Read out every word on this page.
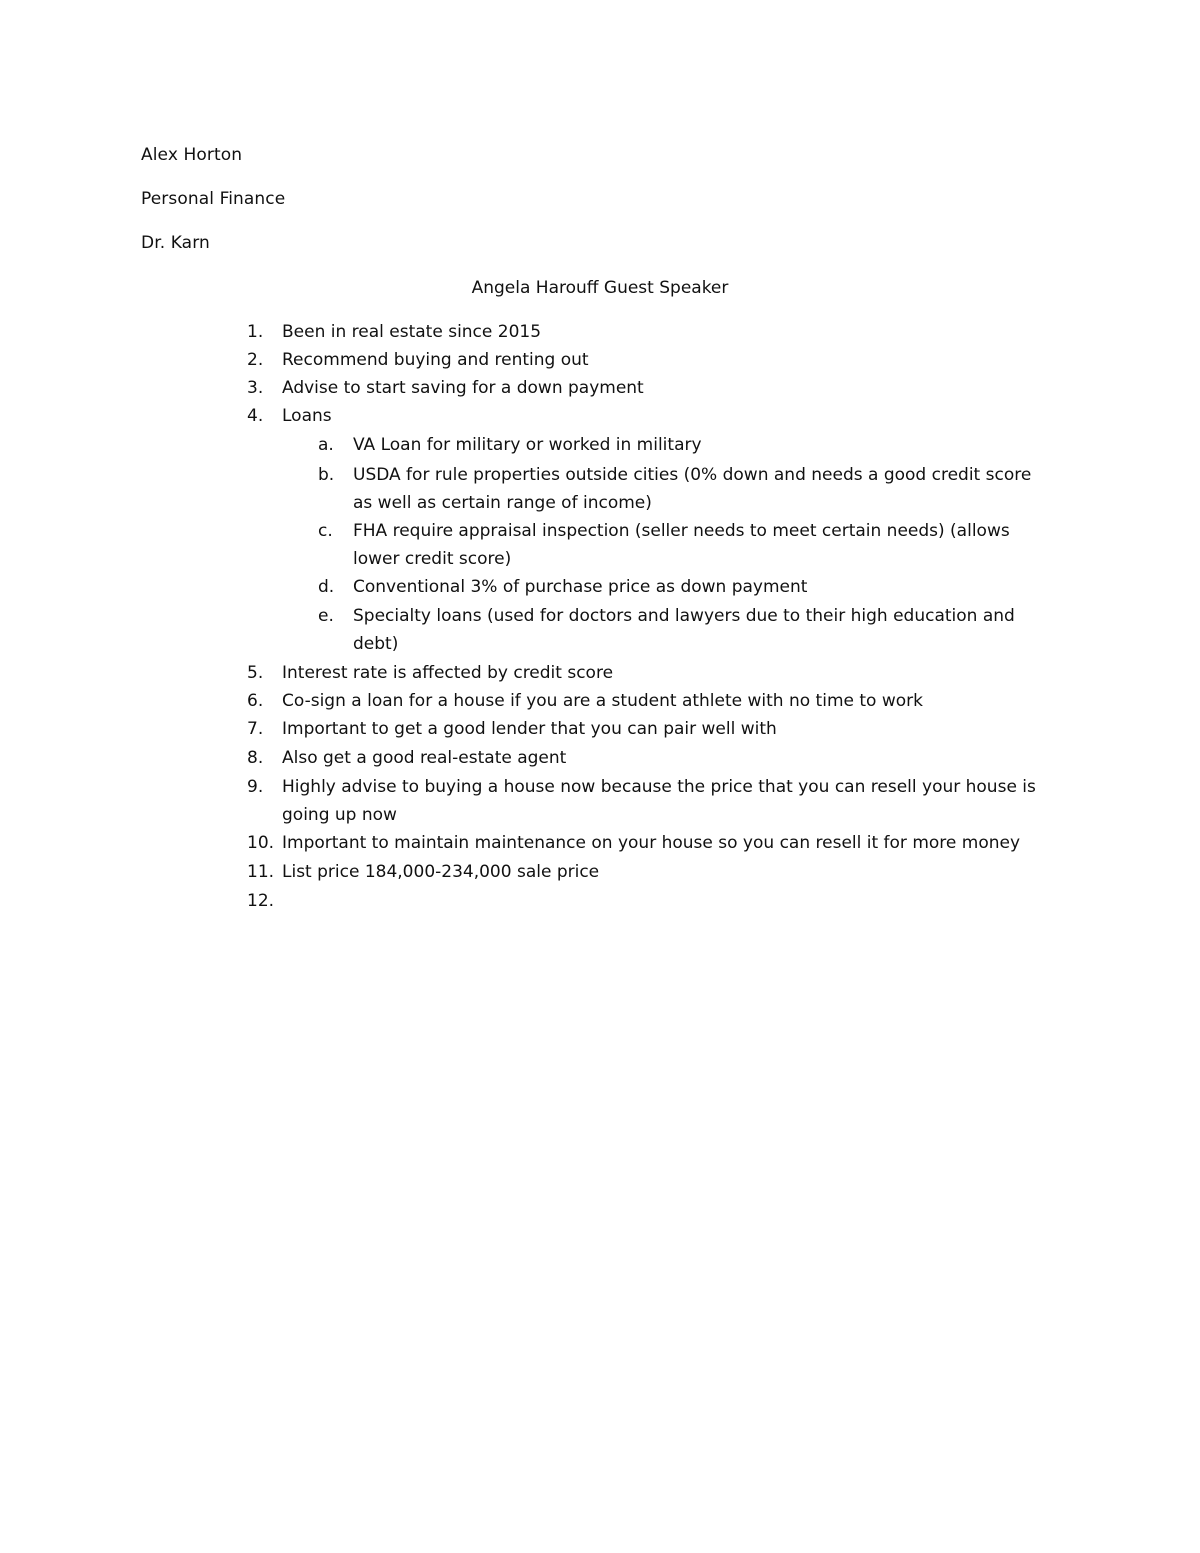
Alex Horton
Personal Finance
Dr. Karn
Angela Harouff Guest Speaker
1. Been in real estate since 2015
2. Recommend buying and renting out
3. Advise to start saving for a down payment
4. Loans
a. VA Loan for military or worked in military
b. USDA for rule properties outside cities (0% down and needs a good credit score
as well as certain range of income)
c. FHA require appraisal inspection (seller needs to meet certain needs) (allows
lower credit score)
d. Conventional 3% of purchase price as down payment
e. Specialty loans (used for doctors and lawyers due to their high education and
debt)
5. Interest rate is affected by credit score
6. Co-sign a loan for a house if you are a student athlete with no time to work
7. Important to get a good lender that you can pair well with
8. Also get a good real-estate agent
9. Highly advise to buying a house now because the price that you can resell your house is
going up now
10. Important to maintain maintenance on your house so you can resell it for more money
11. List price 184,000-234,000 sale price
12.
